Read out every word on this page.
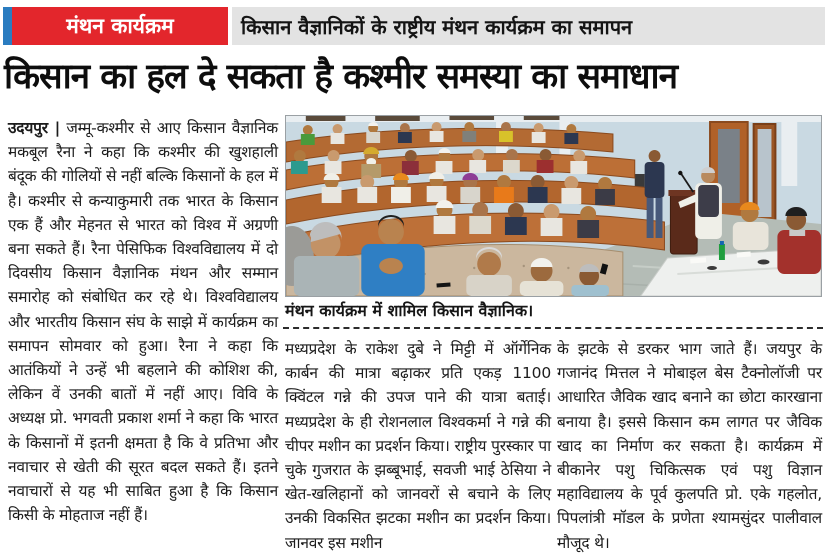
मंथन कार्यक्रम	किसान वैज्ञानिकों के राष्ट्रीय मंथन कार्यक्रम का समापन
किसान का हल दे सकता है कश्मीर समस्या का समाधान
उदयपुर | जम्मू-कश्मीर से आए किसान वैज्ञानिक मकबूल रैना ने कहा कि कश्मीर की खुशहाली बंदूक की गोलियों से नहीं बल्कि किसानों के हल में है। कश्मीर से कन्याकुमारी तक भारत के किसान एक हैं और मेहनत से भारत को विश्व में अग्रणी बना सकते हैं। रैना पेसिफिक विश्वविद्यालय में दो दिवसीय किसान वैज्ञानिक मंथन और सम्मान समारोह को संबोधित कर रहे थे। विश्वविद्यालय और भारतीय किसान संघ के साझे में कार्यक्रम का समापन सोमवार को हुआ। रैना ने कहा कि आतंकियों ने उन्हें भी बहलाने की कोशिश की, लेकिन वें उनकी बातों में नहीं आए। विवि के अध्यक्ष प्रो. भगवती प्रकाश शर्मा ने कहा कि भारत के किसानों में इतनी क्षमता है कि वे प्रतिभा और नवाचार से खेती की सूरत बदल सकते हैं। इतने नवाचारों से यह भी साबित हुआ है कि किसान किसी के मोहताज नहीं हैं।
मंथन कार्यक्रम में शामिल किसान वैज्ञानिक।
मध्यप्रदेश के राकेश दुबे ने मिट्टी में ऑर्गेनिक कार्बन की मात्रा बढ़ाकर प्रति एकड़ 1100 क्विंटल गन्ने की उपज पाने की यात्रा बताई। मध्यप्रदेश के ही रोशनलाल विश्वकर्मा ने गन्ने की चीपर मशीन का प्रदर्शन किया। राष्ट्रीय पुरस्कार पा चुके गुजरात के झब्बूभाई, सवजी भाई ठेसिया ने खेत-खलिहानों को जानवरों से बचाने के लिए उनकी विकसित झटका मशीन का प्रदर्शन किया। जानवर इस मशीन
के झटके से डरकर भाग जाते हैं। जयपुर के गजानंद मित्तल ने मोबाइल बेस टैक्नोलॉजी पर आधारित जैविक खाद बनाने का छोटा कारखाना बनाया है। इससे किसान कम लागत पर जैविक खाद का निर्माण कर सकता है। कार्यक्रम में बीकानेर पशु चिकित्सक एवं पशु विज्ञान महाविद्यालय के पूर्व कुलपति प्रो. एके गहलोत, पिपलांत्री मॉडल के प्रणेता श्यामसुंदर पालीवाल मौजूद थे।
